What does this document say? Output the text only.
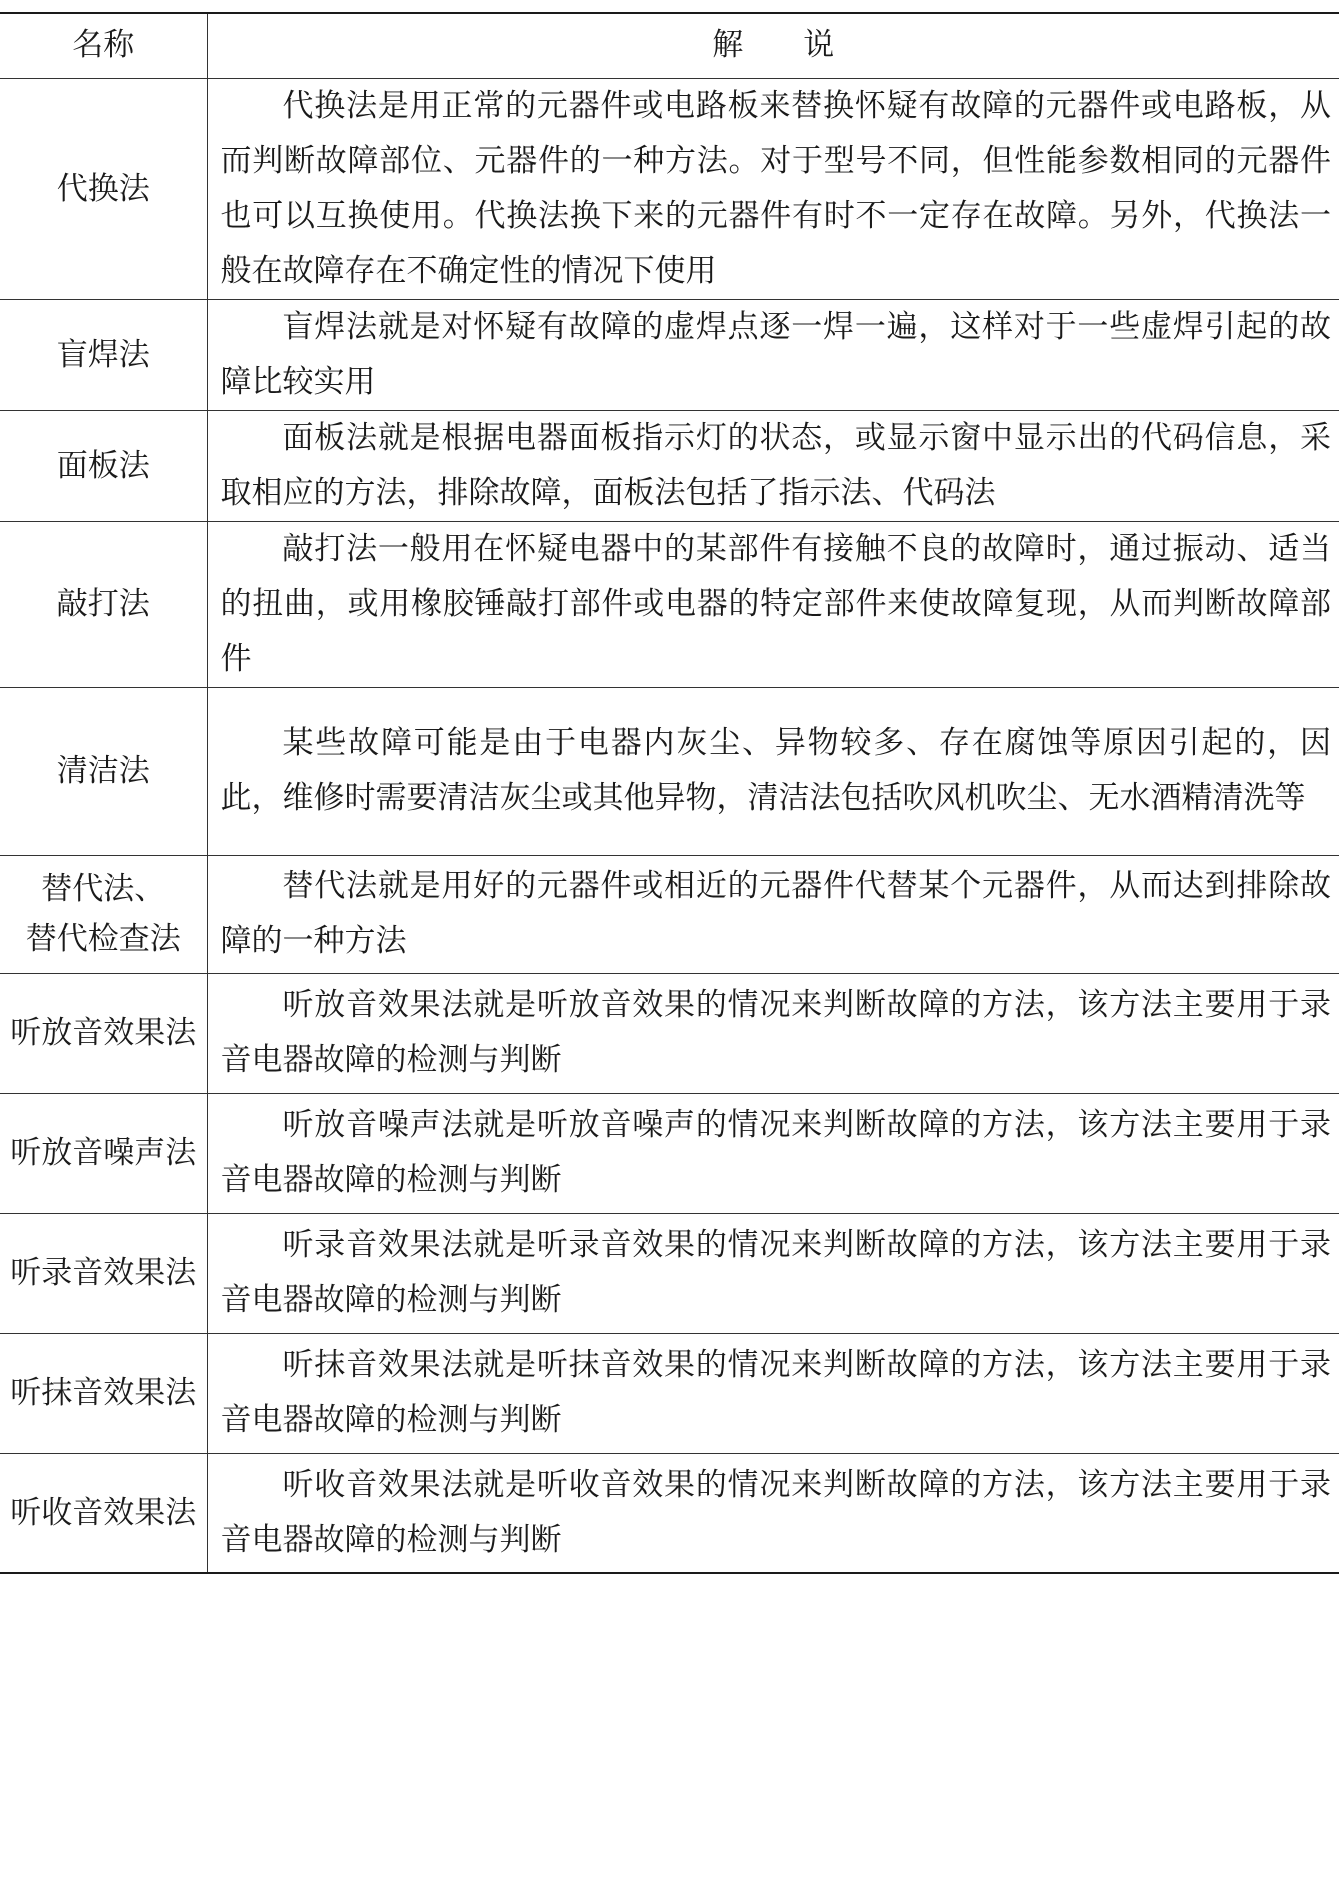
名称	解说

代换法	代换法是用正常的元器件或电路板来替换怀疑有故障的元器件或电路板，从而判断故障部位、元器件的一种方法。对于型号不同，但性能参数相同的元器件也可以互换使用。代换法换下来的元器件有时不一定存在故障。另外，代换法一般在故障存在不确定性的情况下使用

盲焊法	盲焊法就是对怀疑有故障的虚焊点逐一焊一遍，这样对于一些虚焊引起的故障比较实用

面板法	面板法就是根据电器面板指示灯的状态，或显示窗中显示出的代码信息，采取相应的方法，排除故障，面板法包括了指示法、代码法

敲打法	敲打法一般用在怀疑电器中的某部件有接触不良的故障时，通过振动、适当的扭曲，或用橡胶锤敲打部件或电器的特定部件来使故障复现，从而判断故障部件

清洁法	某些故障可能是由于电器内灰尘、异物较多、存在腐蚀等原因引起的，因此，维修时需要清洁灰尘或其他异物，清洁法包括吹风机吹尘、无水酒精清洗等

替代法、
替代检查法	替代法就是用好的元器件或相近的元器件代替某个元器件，从而达到排除故障的一种方法

听放音效果法	听放音效果法就是听放音效果的情况来判断故障的方法，该方法主要用于录音电器故障的检测与判断

听放音噪声法	听放音噪声法就是听放音噪声的情况来判断故障的方法，该方法主要用于录音电器故障的检测与判断

听录音效果法	听录音效果法就是听录音效果的情况来判断故障的方法，该方法主要用于录音电器故障的检测与判断

听抹音效果法	听抹音效果法就是听抹音效果的情况来判断故障的方法，该方法主要用于录音电器故障的检测与判断

听收音效果法	听收音效果法就是听收音效果的情况来判断故障的方法，该方法主要用于录音电器故障的检测与判断
